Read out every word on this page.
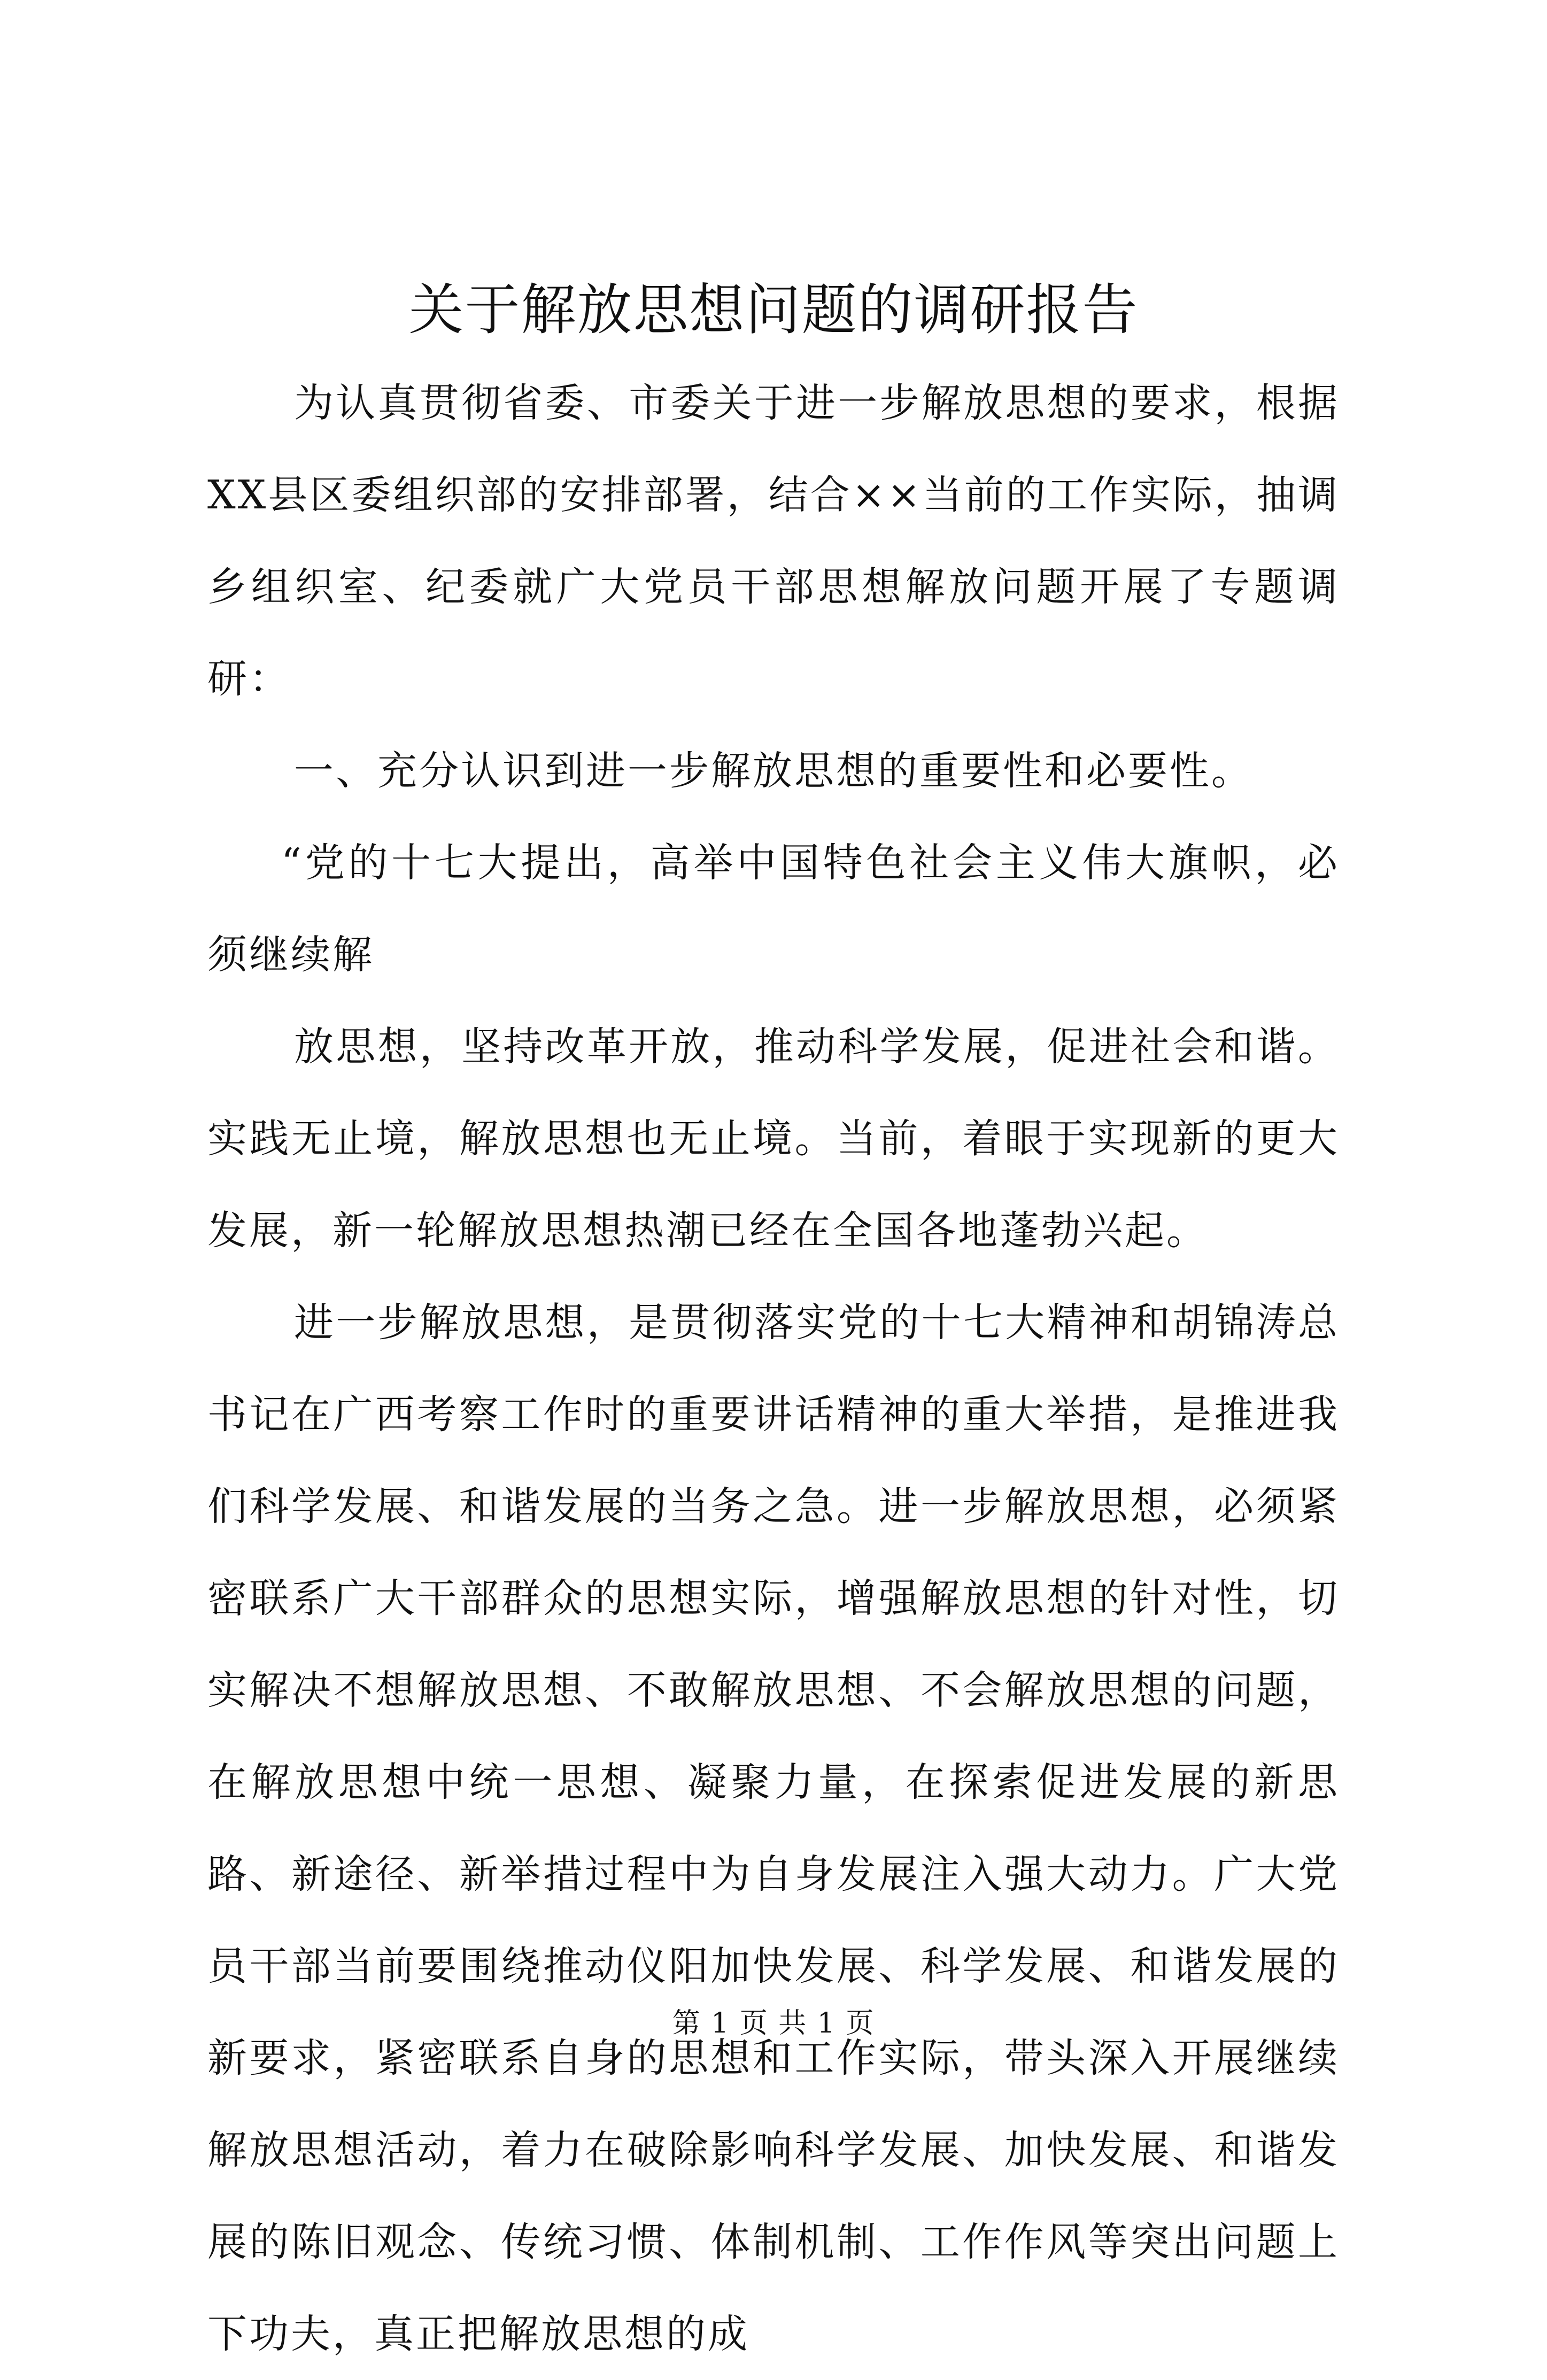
关于解放思想问题的调研报告

为认真贯彻省委、市委关于进一步解放思想的要求，根据XX县区委组织部的安排部署，结合××当前的工作实际，抽调乡组织室、纪委就广大党员干部思想解放问题开展了专题调研：

一、充分认识到进一步解放思想的重要性和必要性。

“党的十七大提出，高举中国特色社会主义伟大旗帜，必须继续解

放思想，坚持改革开放，推动科学发展，促进社会和谐。实践无止境，解放思想也无止境。当前，着眼于实现新的更大发展，新一轮解放思想热潮已经在全国各地蓬勃兴起。

进一步解放思想，是贯彻落实党的十七大精神和胡锦涛总书记在广西考察工作时的重要讲话精神的重大举措，是推进我们科学发展、和谐发展的当务之急。进一步解放思想，必须紧密联系广大干部群众的思想实际，增强解放思想的针对性，切实解决不想解放思想、不敢解放思想、不会解放思想的问题，在解放思想中统一思想、凝聚力量，在探索促进发展的新思路、新途径、新举措过程中为自身发展注入强大动力。广大党员干部当前要围绕推动仪阳加快发展、科学发展、和谐发展的新要求，紧密联系自身的思想和工作实际，带头深入开展继续解放思想活动，着力在破除影响科学发展、加快发展、和谐发展的陈旧观念、传统习惯、体制机制、工作作风等突出问题上下功夫，真正把解放思想的成

第 1 页 共 1 页
